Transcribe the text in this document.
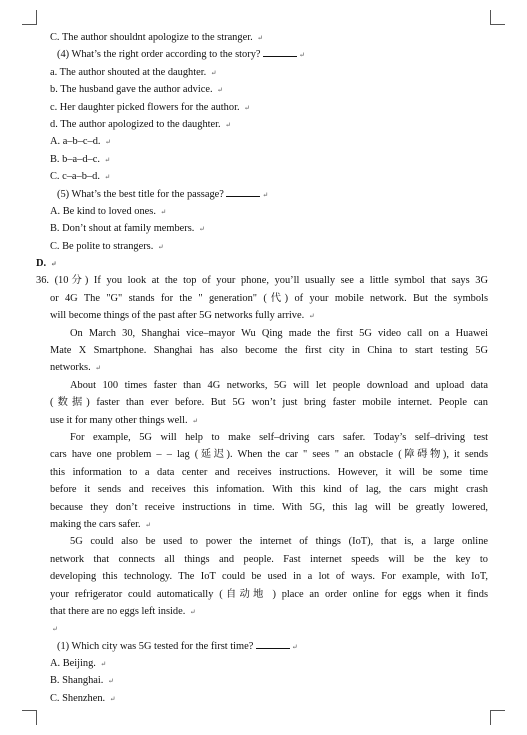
C. The author shouldnt apologize to the stranger. ↵
(4) What’s the right order according to the story?	↵
a. The author shouted at the daughter. ↵
b. The husband gave the author advice. ↵
c. Her daughter picked flowers for the author. ↵
d. The author apologized to the daughter. ↵
A. a–b–c–d. ↵
B. b–a–d–c. ↵
C. c–a–b–d. ↵
(5) What’s the best title for the passage?	↵
A. Be kind to loved ones. ↵
B. Don’t shout at family members. ↵
C. Be polite to strangers. ↵
D. ↵
36. (10分) If you look at the top of your phone, you’ll usually see a little symbol that says 3G
or 4G The "G" stands for the " generation" (代) of your mobile network. But the symbols
will become things of the past after 5G networks fully arrive. ↵
On March 30, Shanghai vice–mayor Wu Qing made the first 5G video call on a Huawei
Mate X Smartphone. Shanghai has also become the first city in China to start testing 5G
networks. ↵
About 100 times faster than 4G networks, 5G will let people download and upload data
(数据) faster than ever before. But 5G won’t just bring faster mobile internet. People can
use it for many other things well. ↵
For example, 5G will help to make self–driving cars safer. Today’s self–driving test
cars have one problem – – lag (延迟). When the car " sees " an obstacle (障碍物), it sends
this information to a data center and receives instructions. However, it will be some time
before it sends and receives this infomation. With this kind of lag, the cars might crash
because they don’t receive instructions in time. With 5G, this lag will be greatly lowered,
making the cars safer. ↵
5G could also be used to power the internet of things (IoT), that is, a large online
network that connects all things and people. Fast internet speeds will be the key to
developing this technology. The IoT could be used in a lot of ways. For example, with IoT,
your refrigerator could automatically (自动地 ) place an order online for eggs when it finds
that there are no eggs left inside. ↵
↵
(1) Which city was 5G tested for the first time?	↵
A. Beijing. ↵
B. Shanghai. ↵
C. Shenzhen. ↵
